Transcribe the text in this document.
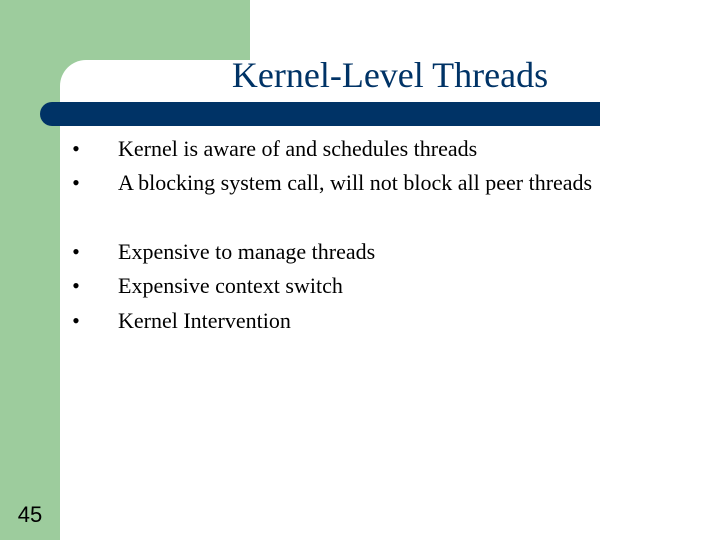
Kernel-Level Threads
• Kernel is aware of and schedules threads
• A blocking system call, will not block all peer threads
• Expensive to manage threads
• Expensive context switch
• Kernel Intervention
45
